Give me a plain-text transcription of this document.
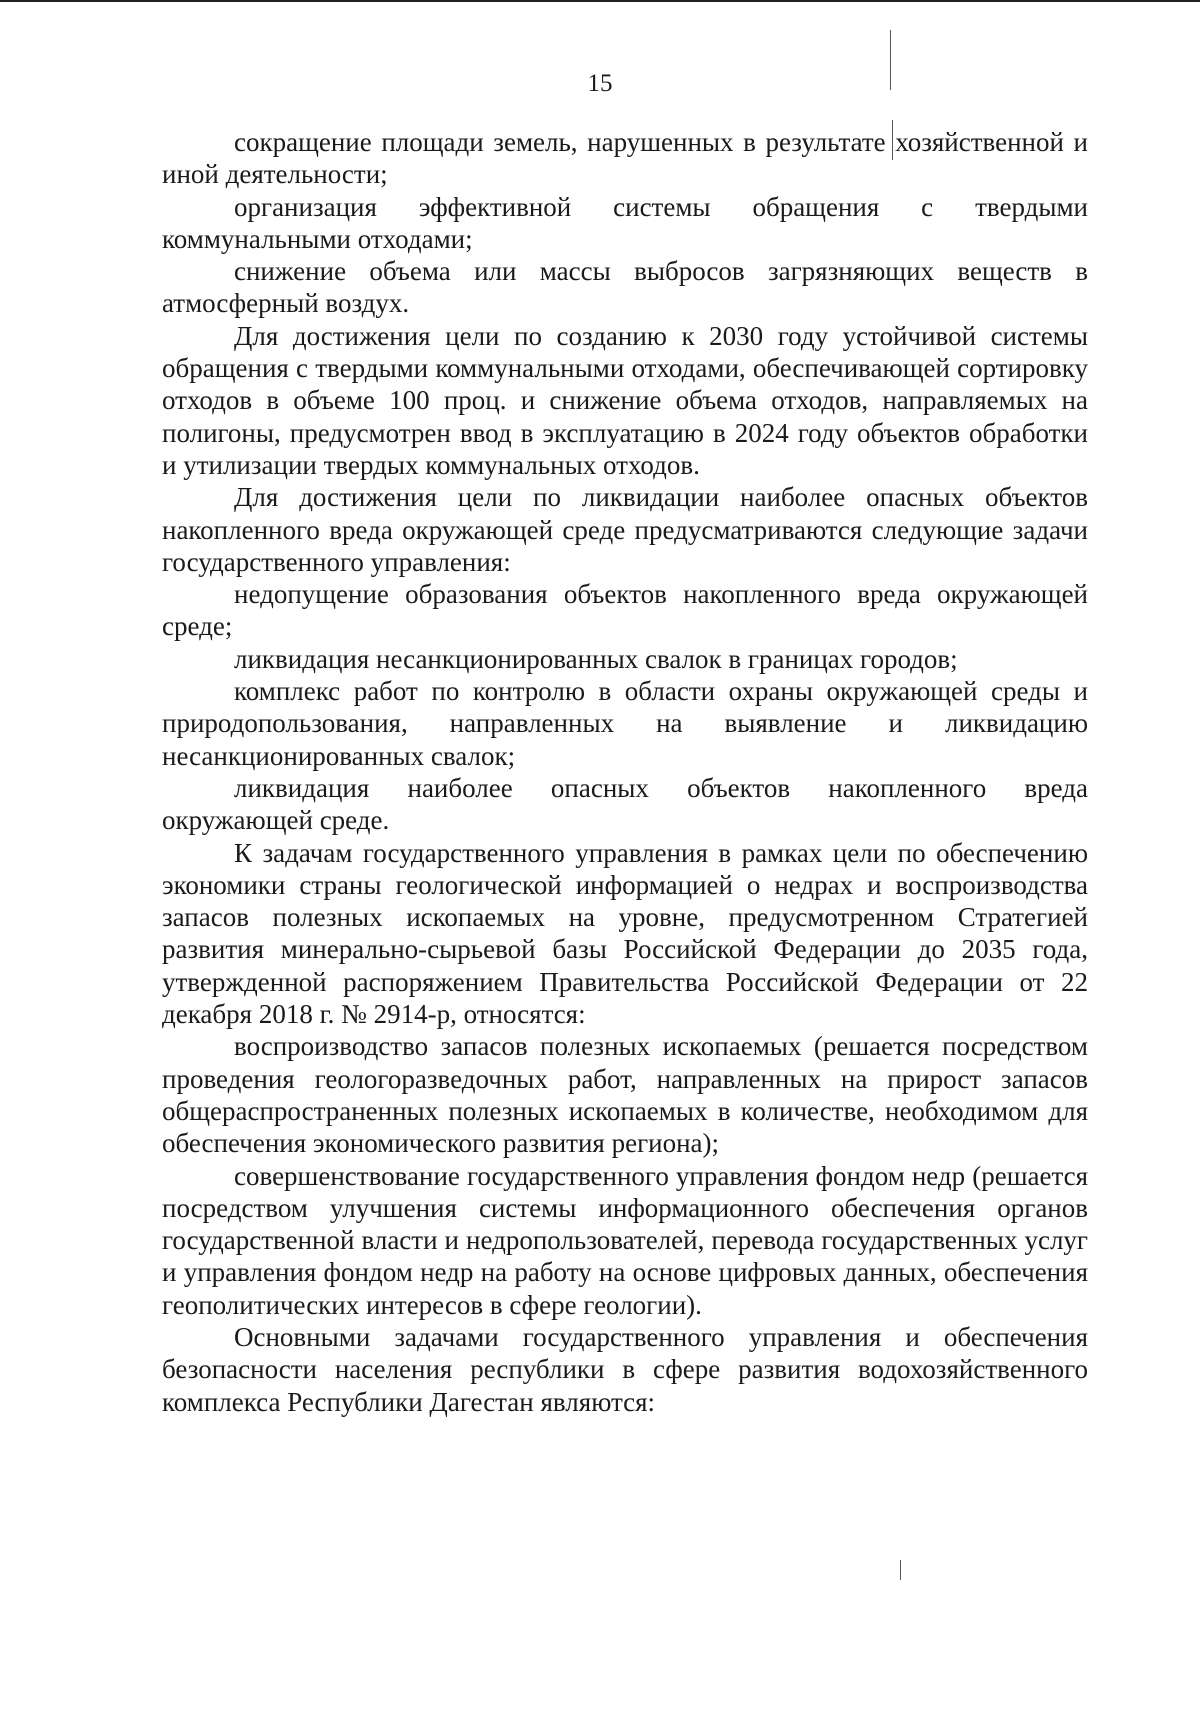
15

сокращение площади земель, нарушенных в результате хозяйственной и иной деятельности;

организация эффективной системы обращения с твердыми коммунальными отходами;

снижение объема или массы выбросов загрязняющих веществ в атмосферный воздух.

Для достижения цели по созданию к 2030 году устойчивой системы обращения с твердыми коммунальными отходами, обеспечивающей сортировку отходов в объеме 100 проц. и снижение объема отходов, направляемых на полигоны, предусмотрен ввод в эксплуатацию в 2024 году объектов обработки и утилизации твердых коммунальных отходов.

Для достижения цели по ликвидации наиболее опасных объектов накопленного вреда окружающей среде предусматриваются следующие задачи государственного управления:

недопущение образования объектов накопленного вреда окружающей среде;

ликвидация несанкционированных свалок в границах городов;

комплекс работ по контролю в области охраны окружающей среды и природопользования, направленных на выявление и ликвидацию несанкционированных свалок;

ликвидация наиболее опасных объектов накопленного вреда окружающей среде.

К задачам государственного управления в рамках цели по обеспечению экономики страны геологической информацией о недрах и воспроизводства запасов полезных ископаемых на уровне, предусмотренном Стратегией развития минерально-сырьевой базы Российской Федерации до 2035 года, утвержденной распоряжением Правительства Российской Федерации от 22 декабря 2018 г. № 2914-р, относятся:

воспроизводство запасов полезных ископаемых (решается посредством проведения геологоразведочных работ, направленных на прирост запасов общераспространенных полезных ископаемых в количестве, необходимом для обеспечения экономического развития региона);

совершенствование государственного управления фондом недр (решается посредством улучшения системы информационного обеспечения органов государственной власти и недропользователей, перевода государственных услуг и управления фондом недр на работу на основе цифровых данных, обеспечения геополитических интересов в сфере геологии).

Основными задачами государственного управления и обеспечения безопасности населения республики в сфере развития водохозяйственного комплекса Республики Дагестан являются:
